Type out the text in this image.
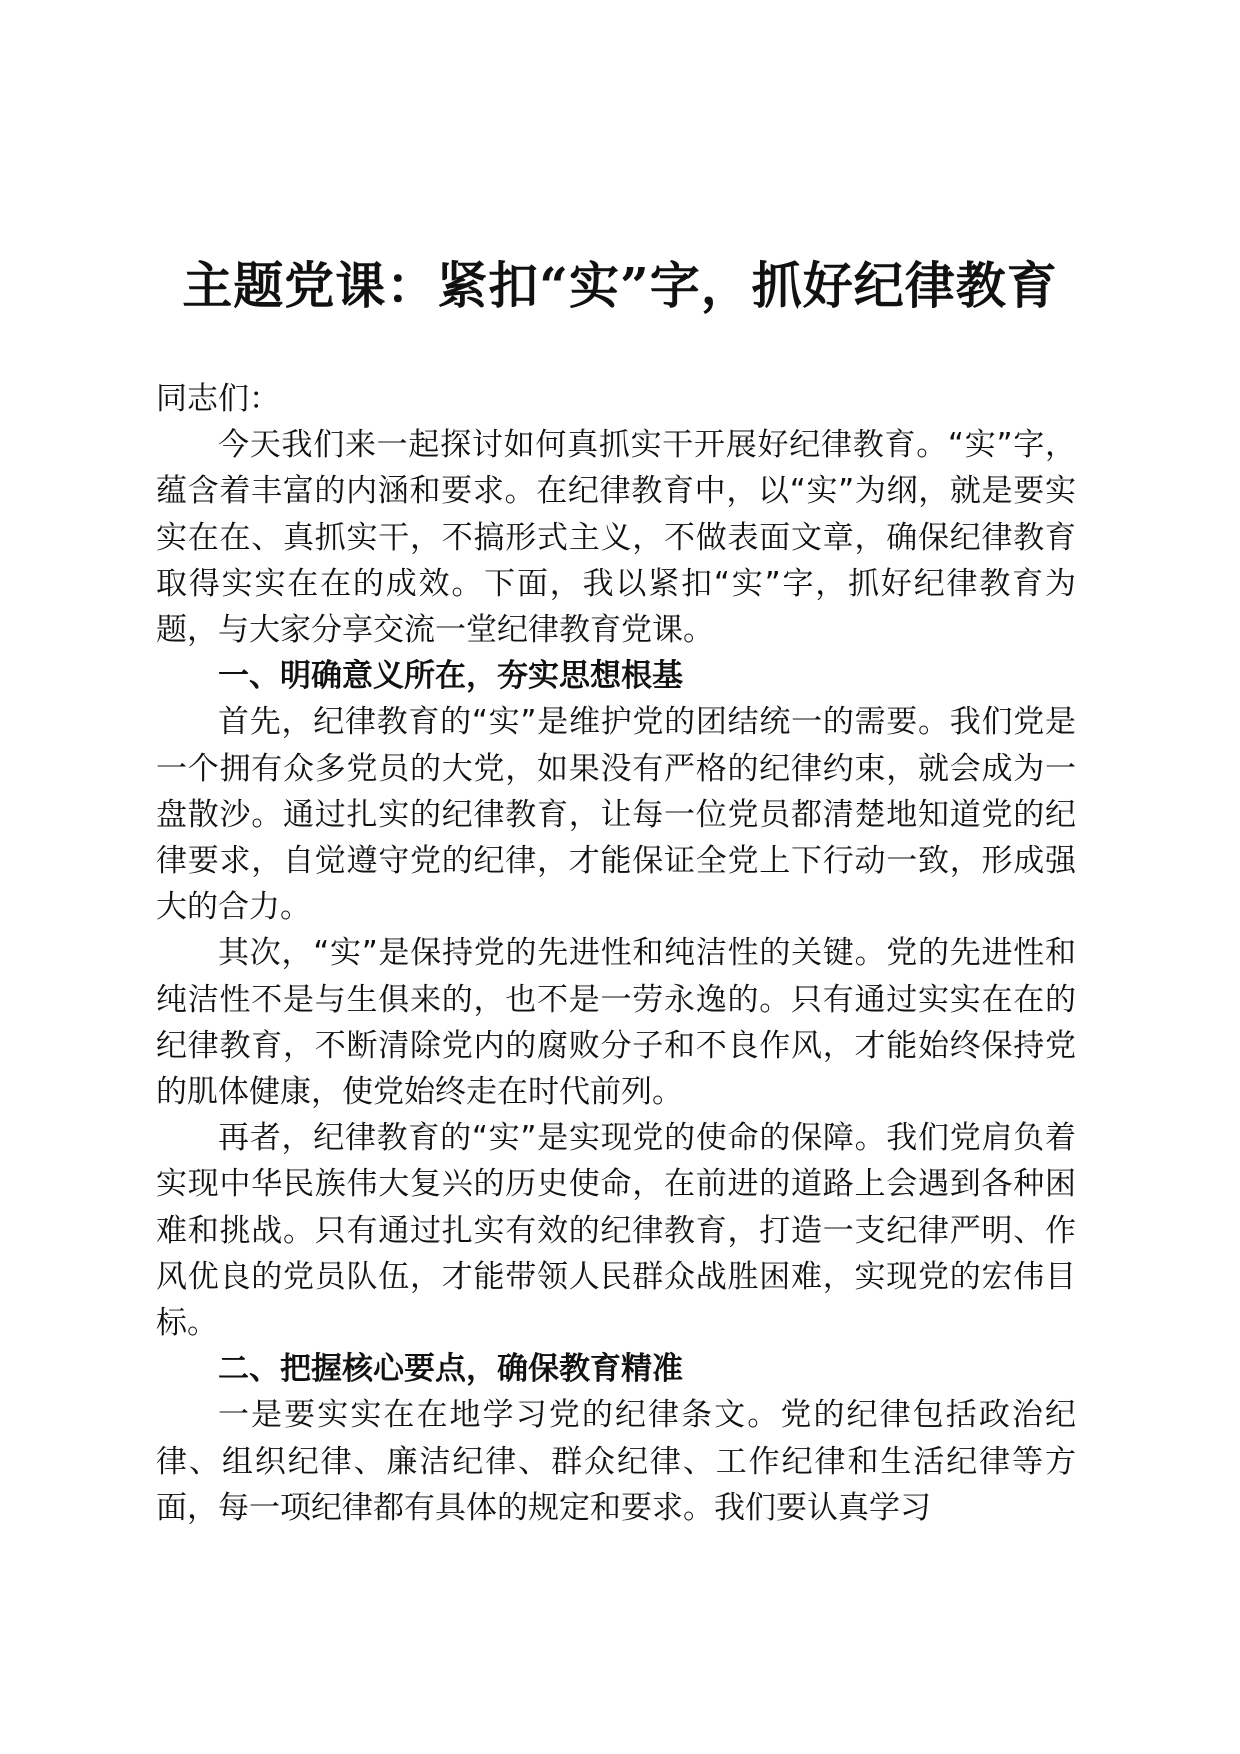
主题党课：紧扣“实”字，抓好纪律教育

同志们：

今天我们来一起探讨如何真抓实干开展好纪律教育。“实”字，蕴含着丰富的内涵和要求。在纪律教育中，以“实”为纲，就是要实实在在、真抓实干，不搞形式主义，不做表面文章，确保纪律教育取得实实在在的成效。下面，我以紧扣“实”字，抓好纪律教育为题，与大家分享交流一堂纪律教育党课。

一、明确意义所在，夯实思想根基

首先，纪律教育的“实”是维护党的团结统一的需要。我们党是一个拥有众多党员的大党，如果没有严格的纪律约束，就会成为一盘散沙。通过扎实的纪律教育，让每一位党员都清楚地知道党的纪律要求，自觉遵守党的纪律，才能保证全党上下行动一致，形成强大的合力。

其次，“实”是保持党的先进性和纯洁性的关键。党的先进性和纯洁性不是与生俱来的，也不是一劳永逸的。只有通过实实在在的纪律教育，不断清除党内的腐败分子和不良作风，才能始终保持党的肌体健康，使党始终走在时代前列。

再者，纪律教育的“实”是实现党的使命的保障。我们党肩负着实现中华民族伟大复兴的历史使命，在前进的道路上会遇到各种困难和挑战。只有通过扎实有效的纪律教育，打造一支纪律严明、作风优良的党员队伍，才能带领人民群众战胜困难，实现党的宏伟目标。

二、把握核心要点，确保教育精准

一是要实实在在地学习党的纪律条文。党的纪律包括政治纪律、组织纪律、廉洁纪律、群众纪律、工作纪律和生活纪律等方面，每一项纪律都有具体的规定和要求。我们要认真学习
